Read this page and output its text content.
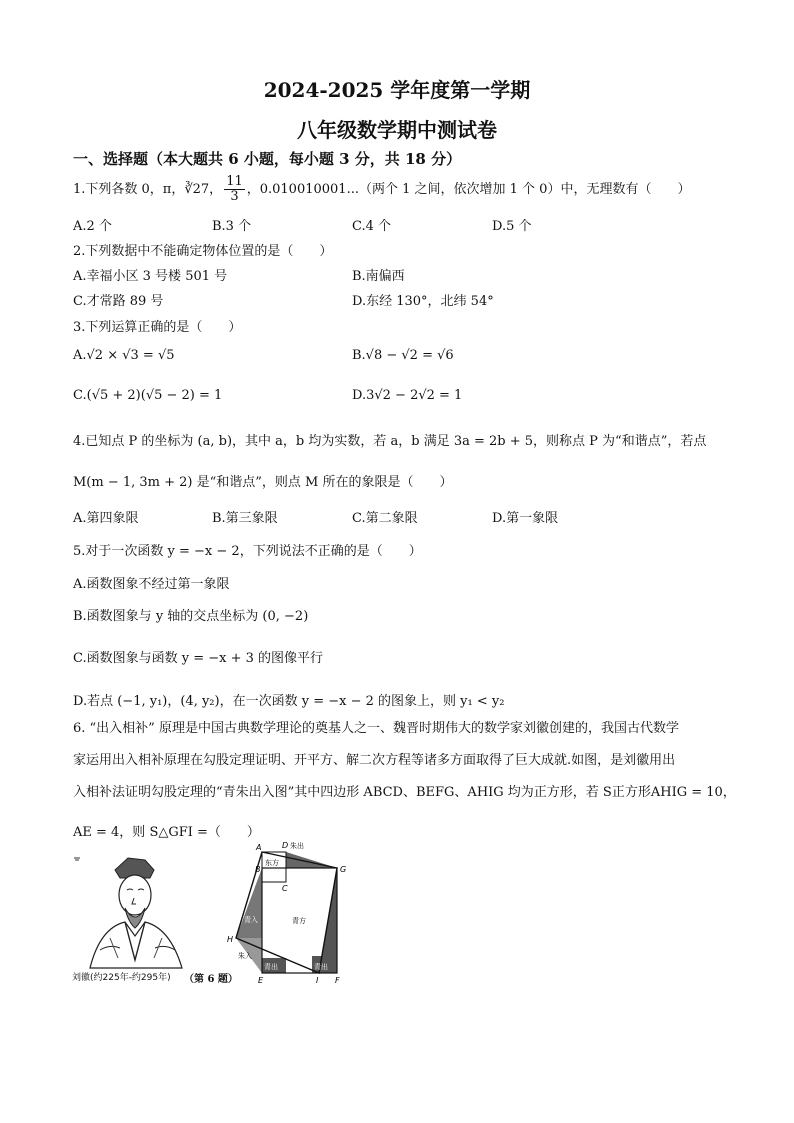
2024-2025 学年度第一学期
八年级数学期中测试卷
一、选择题（本大题共 6 小题，每小题 3 分，共 18 分）
1.下列各数 0，π，∛27， $\frac{11}{3}$ ，0.010010001...（两个 1 之间，依次增加 1 个 0）中，无理数有（　　）
A.2 个	B.3 个	C.4 个	D.5 个
2.下列数据中不能确定物体位置的是（　　）
A.幸福小区 3 号楼 501 号	B.南偏西
C.才常路 89 号	D.东经 130°，北纬 54°
3.下列运算正确的是（　　）
A.√2 × √3 = √5	B.√8 − √2 = √6
C.(√5 + 2)(√5 − 2) = 1	D.3√2 − 2√2 = 1
4.已知点 P 的坐标为 (a, b)，其中 a，b 均为实数，若 a，b 满足 3a = 2b + 5，则称点 P 为“和谐点”，若点
M(m − 1, 3m + 2) 是“和谐点”，则点 M 所在的象限是（　　）
A.第四象限	B.第三象限	C.第二象限	D.第一象限
5.对于一次函数 y = −x − 2，下列说法不正确的是（　　）
A.函数图象不经过第一象限
B.函数图象与 y 轴的交点坐标为 (0, −2)
C.函数图象与函数 y = −x + 3 的图像平行
D.若点 (−1, y₁)，(4, y₂)，在一次函数 y = −x − 2 的图象上，则 y₁ < y₂
6. “出入相补” 原理是中国古典数学理论的奠基人之一、魏晋时期伟大的数学家刘徽创建的，我国古代数学
家运用出入相补原理在勾股定理证明、开平方、解二次方程等诸多方面取得了巨大成就.如图，是刘徽用出
入相补法证明勾股定理的“青朱出入图”其中四边形 ABCD、BEFG、AHIG 均为正方形，若 S正方形AHIG = 10，
AE = 4，则 S△GFI =（　　）
刘徽(约225年-约295年) （第 6 题）
A	D
B
C
G
H
E	I F
朱出
东方
青方
青入
朱入
青出	青出
